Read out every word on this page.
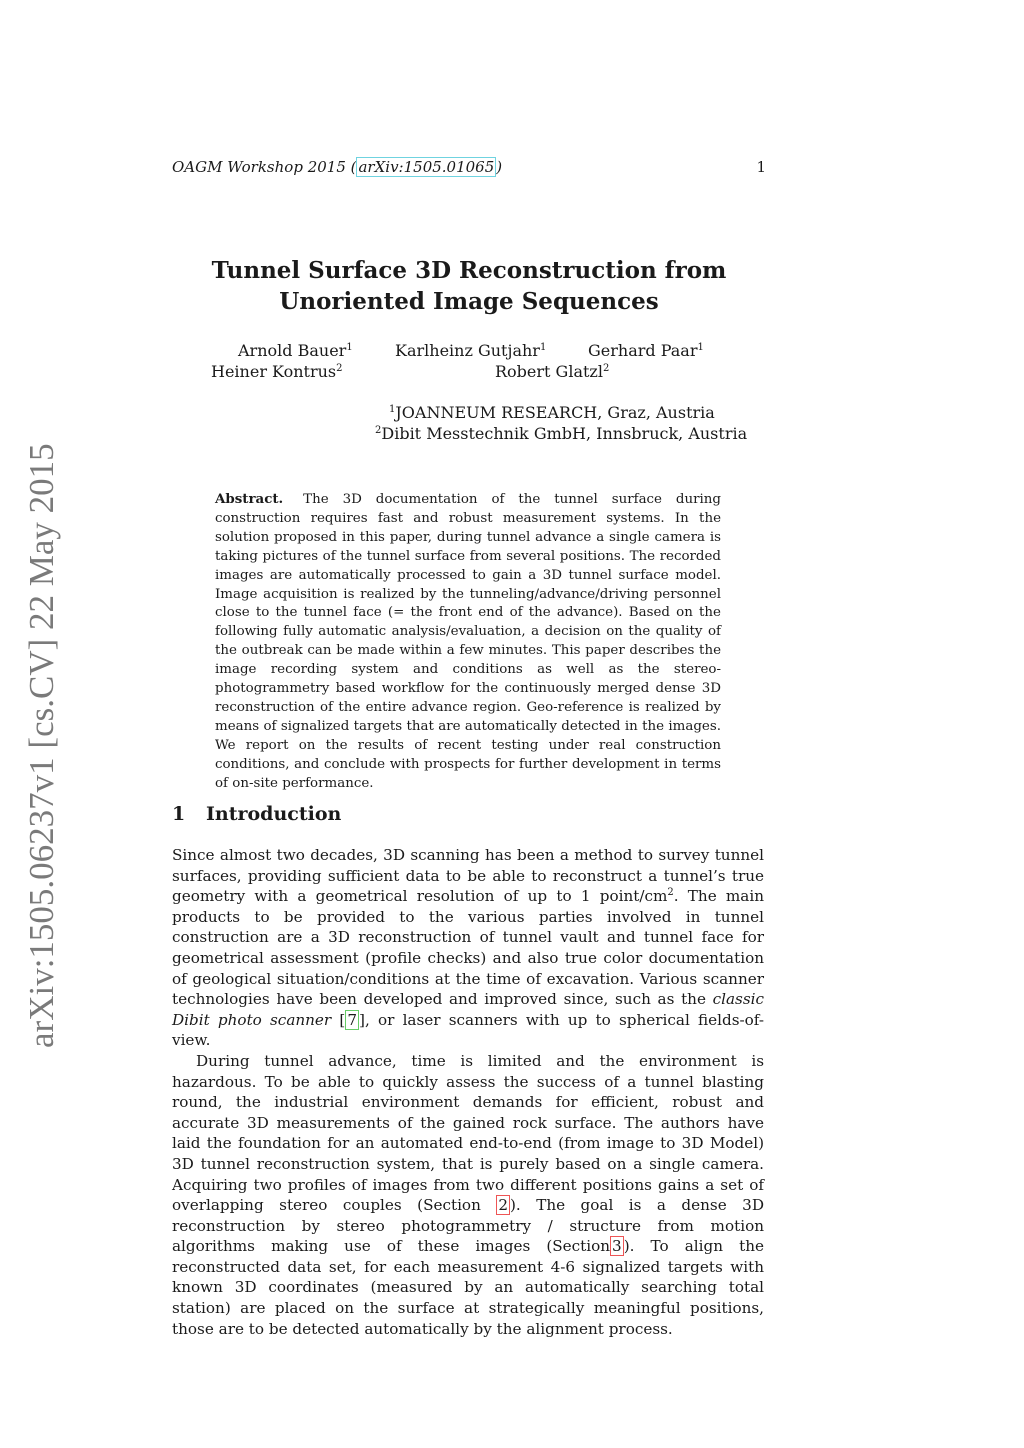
arXiv:1505.06237v1 [cs.CV] 22 May 2015
OAGM Workshop 2015 ( arXiv:1505.01065 )	1
Tunnel Surface 3D Reconstruction from
Unoriented Image Sequences
Arnold Bauer$^1$	Karlheinz Gutjahr$^1$	Gerhard Paar$^1$
Heiner Kontrus$^2$	Robert Glatzl$^2$
$^1$JOANNEUM RESEARCH, Graz, Austria
$^2$Dibit Messtechnik GmbH, Innsbruck, Austria
Abstract. The 3D documentation of the tunnel surface during construction requires fast and robust measurement systems. In the solution proposed in this paper, during tunnel advance a single camera is taking pictures of the tunnel surface from several positions. The recorded images are automatically processed to gain a 3D tunnel surface model. Image acquisition is realized by the tunneling/advance/driving personnel close to the tunnel face (= the front end of the advance). Based on the following fully automatic analysis/evaluation, a decision on the quality of the outbreak can be made within a few minutes. This paper describes the image recording system and conditions as well as the stereo-photogrammetry based workflow for the continuously merged dense 3D reconstruction of the entire advance region. Geo-reference is realized by means of signalized targets that are automatically detected in the images. We report on the results of recent testing under real construction conditions, and conclude with prospects for further development in terms of on-site performance.
1 Introduction

Since almost two decades, 3D scanning has been a method to survey tunnel surfaces, providing sufficient data to be able to reconstruct a tunnel’s true geometry with a geometrical resolution of up to 1 point/$cm^2$. The main products to be provided to the various parties involved in tunnel construction are a 3D reconstruction of tunnel vault and tunnel face for geometrical assessment (profile checks) and also true color documentation of geological situation/conditions at the time of excavation. Various scanner technologies have been developed and improved since, such as the classic Dibit photo scanner [ 7 ], or laser scanners with up to spherical fields-of-view.

During tunnel advance, time is limited and the environment is hazardous. To be able to quickly assess the success of a tunnel blasting round, the industrial environment demands for efficient, robust and accurate 3D measurements of the gained rock surface. The authors have laid the foundation for an automated end-to-end (from image to 3D Model) 3D tunnel reconstruction system, that is purely based on a single camera. Acquiring two profiles of images from two different positions gains a set of overlapping stereo couples (Section 2 ). The goal is a dense 3D reconstruction by stereo photogrammetry / structure from motion algorithms making use of these images (Section 3 ). To align the reconstructed data set, for each measurement 4-6 signalized targets with known 3D coordinates (measured by an automatically searching total station) are placed on the surface at strategically meaningful positions, those are to be detected automatically by the alignment process.
